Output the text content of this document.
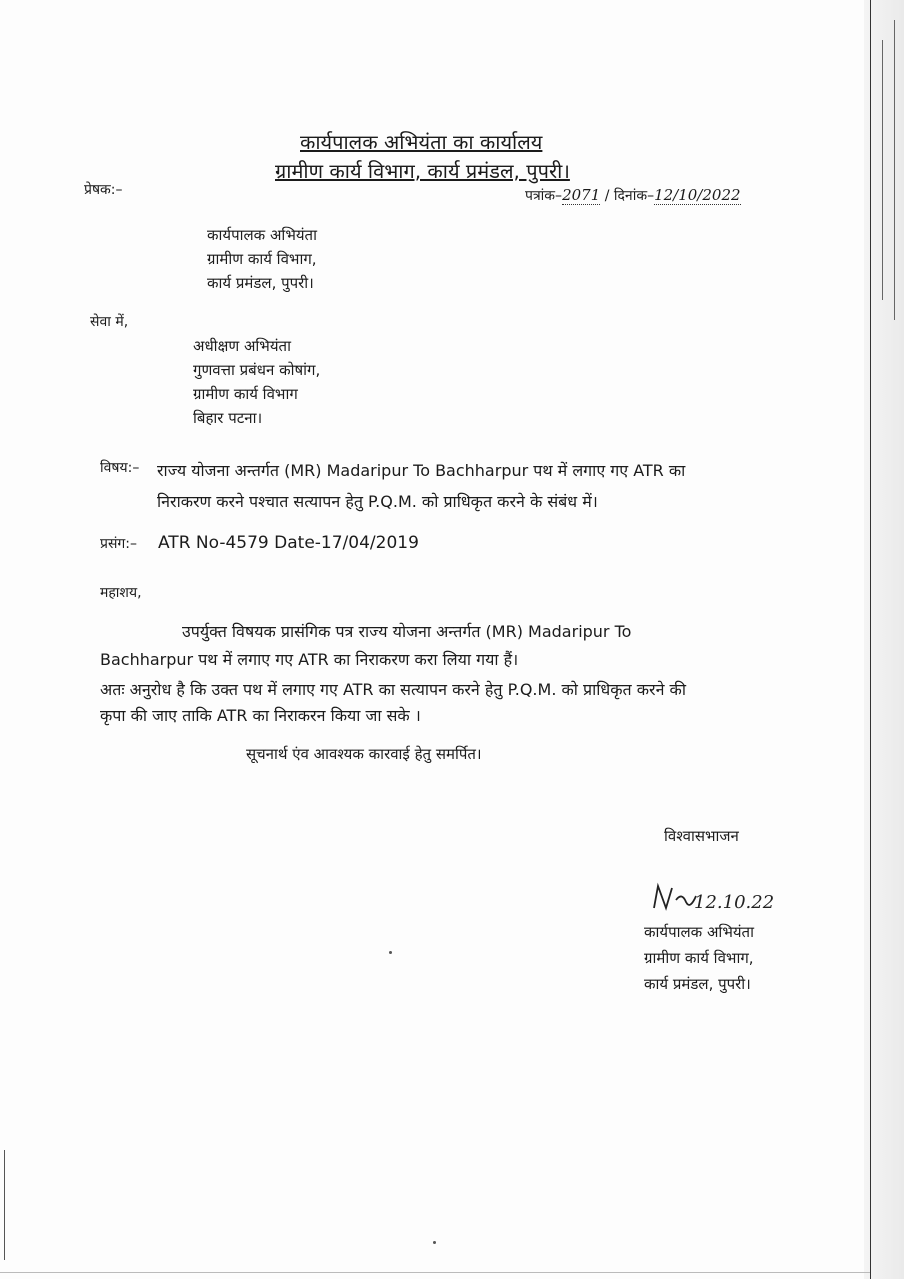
कार्यपालक अभियंता का कार्यालय
ग्रामीण कार्य विभाग, कार्य प्रमंडल, पुपरी।
प्रेषक:–	पत्रांक–2071 / दिनांक–12/10/2022
कार्यपालक अभियंता
ग्रामीण कार्य विभाग,
कार्य प्रमंडल, पुपरी।
सेवा में,
अधीक्षण अभियंता
गुणवत्ता प्रबंधन कोषांग,
ग्रामीण कार्य विभाग
बिहार पटना।
विषय:– राज्य योजना अन्तर्गत (MR) Madaripur To Bachharpur पथ में लगाए गए ATR का
निराकरण करने पश्चात सत्यापन हेतु P.Q.M. को प्राधिकृत करने के संबंध में।
प्रसंग:– ATR No-4579 Date-17/04/2019
महाशय,
उपर्युक्त विषयक प्रासंगिक पत्र राज्य योजना अन्तर्गत (MR) Madaripur To
Bachharpur पथ में लगाए गए ATR का निराकरण करा लिया गया हैं।
अतः अनुरोध है कि उक्त पथ में लगाए गए ATR का सत्यापन करने हेतु P.Q.M. को प्राधिकृत करने की
कृपा की जाए ताकि ATR का निराकरन किया जा सके ।
सूचनार्थ एंव आवश्यक कारवाई हेतु समर्पित।
विश्वासभाजन
12.10.22
कार्यपालक अभियंता
ग्रामीण कार्य विभाग,
कार्य प्रमंडल, पुपरी।
